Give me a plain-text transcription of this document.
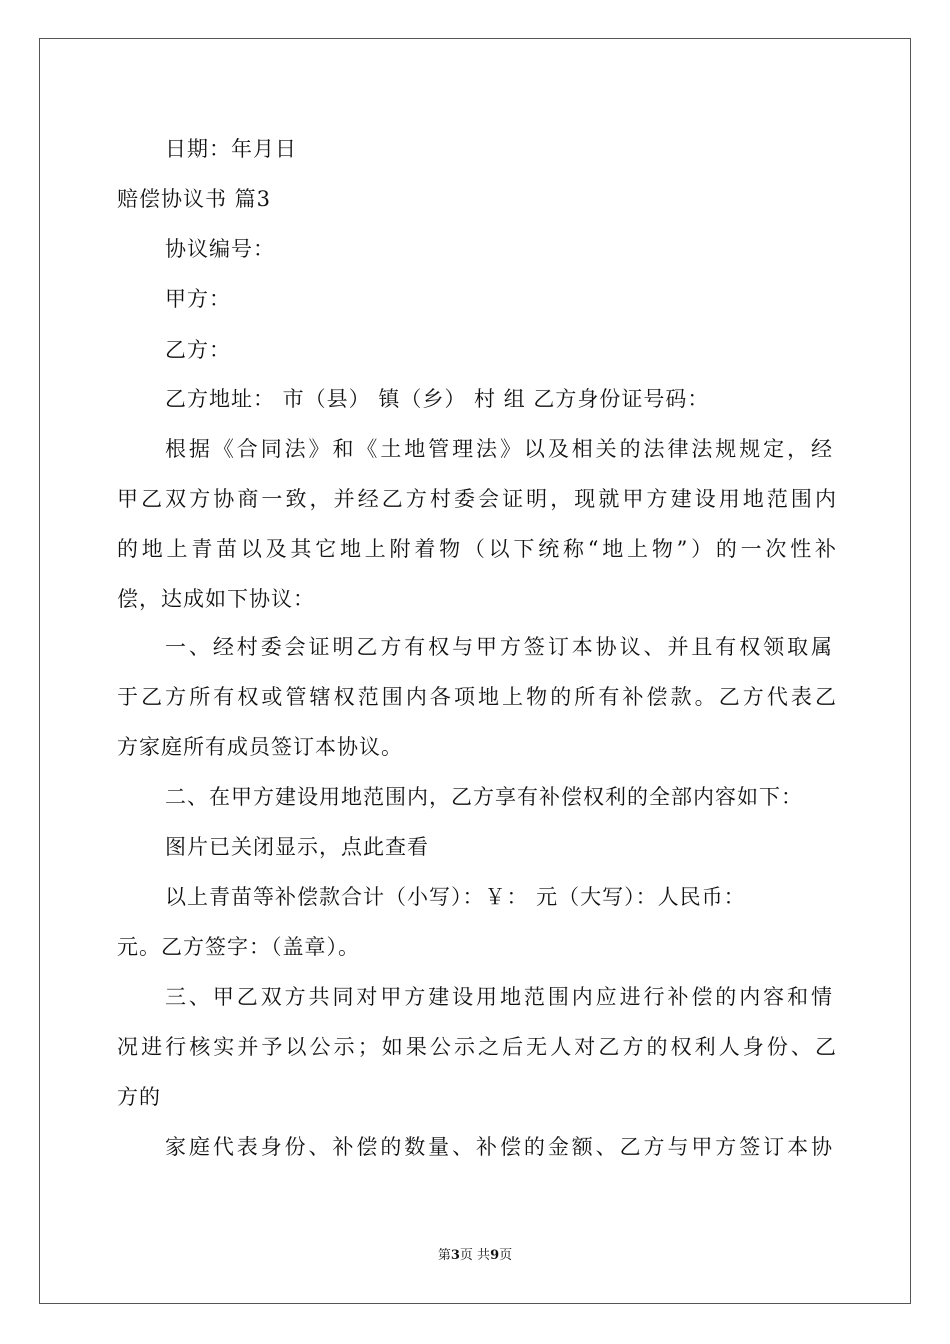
日期：年月日
赔偿协议书 篇3
协议编号：
甲方：
乙方：
乙方地址： 市（县） 镇（乡） 村 组 乙方身份证号码：
根据《合同法》和《土地管理法》以及相关的法律法规规定，经
甲乙双方协商一致，并经乙方村委会证明，现就甲方建设用地范围内
的地上青苗以及其它地上附着物（以下统称“地上物”）的一次性补
偿，达成如下协议：
一、经村委会证明乙方有权与甲方签订本协议、并且有权领取属
于乙方所有权或管辖权范围内各项地上物的所有补偿款。乙方代表乙
方家庭所有成员签订本协议。
二、在甲方建设用地范围内，乙方享有补偿权利的全部内容如下：
图片已关闭显示，点此查看
以上青苗等补偿款合计（小写）：￥： 元（大写）：人民币：
元。乙方签字：（盖章）。
三、甲乙双方共同对甲方建设用地范围内应进行补偿的内容和情
况进行核实并予以公示；如果公示之后无人对乙方的权利人身份、乙
方的
家庭代表身份、补偿的数量、补偿的金额、乙方与甲方签订本协
第3页 共9页
